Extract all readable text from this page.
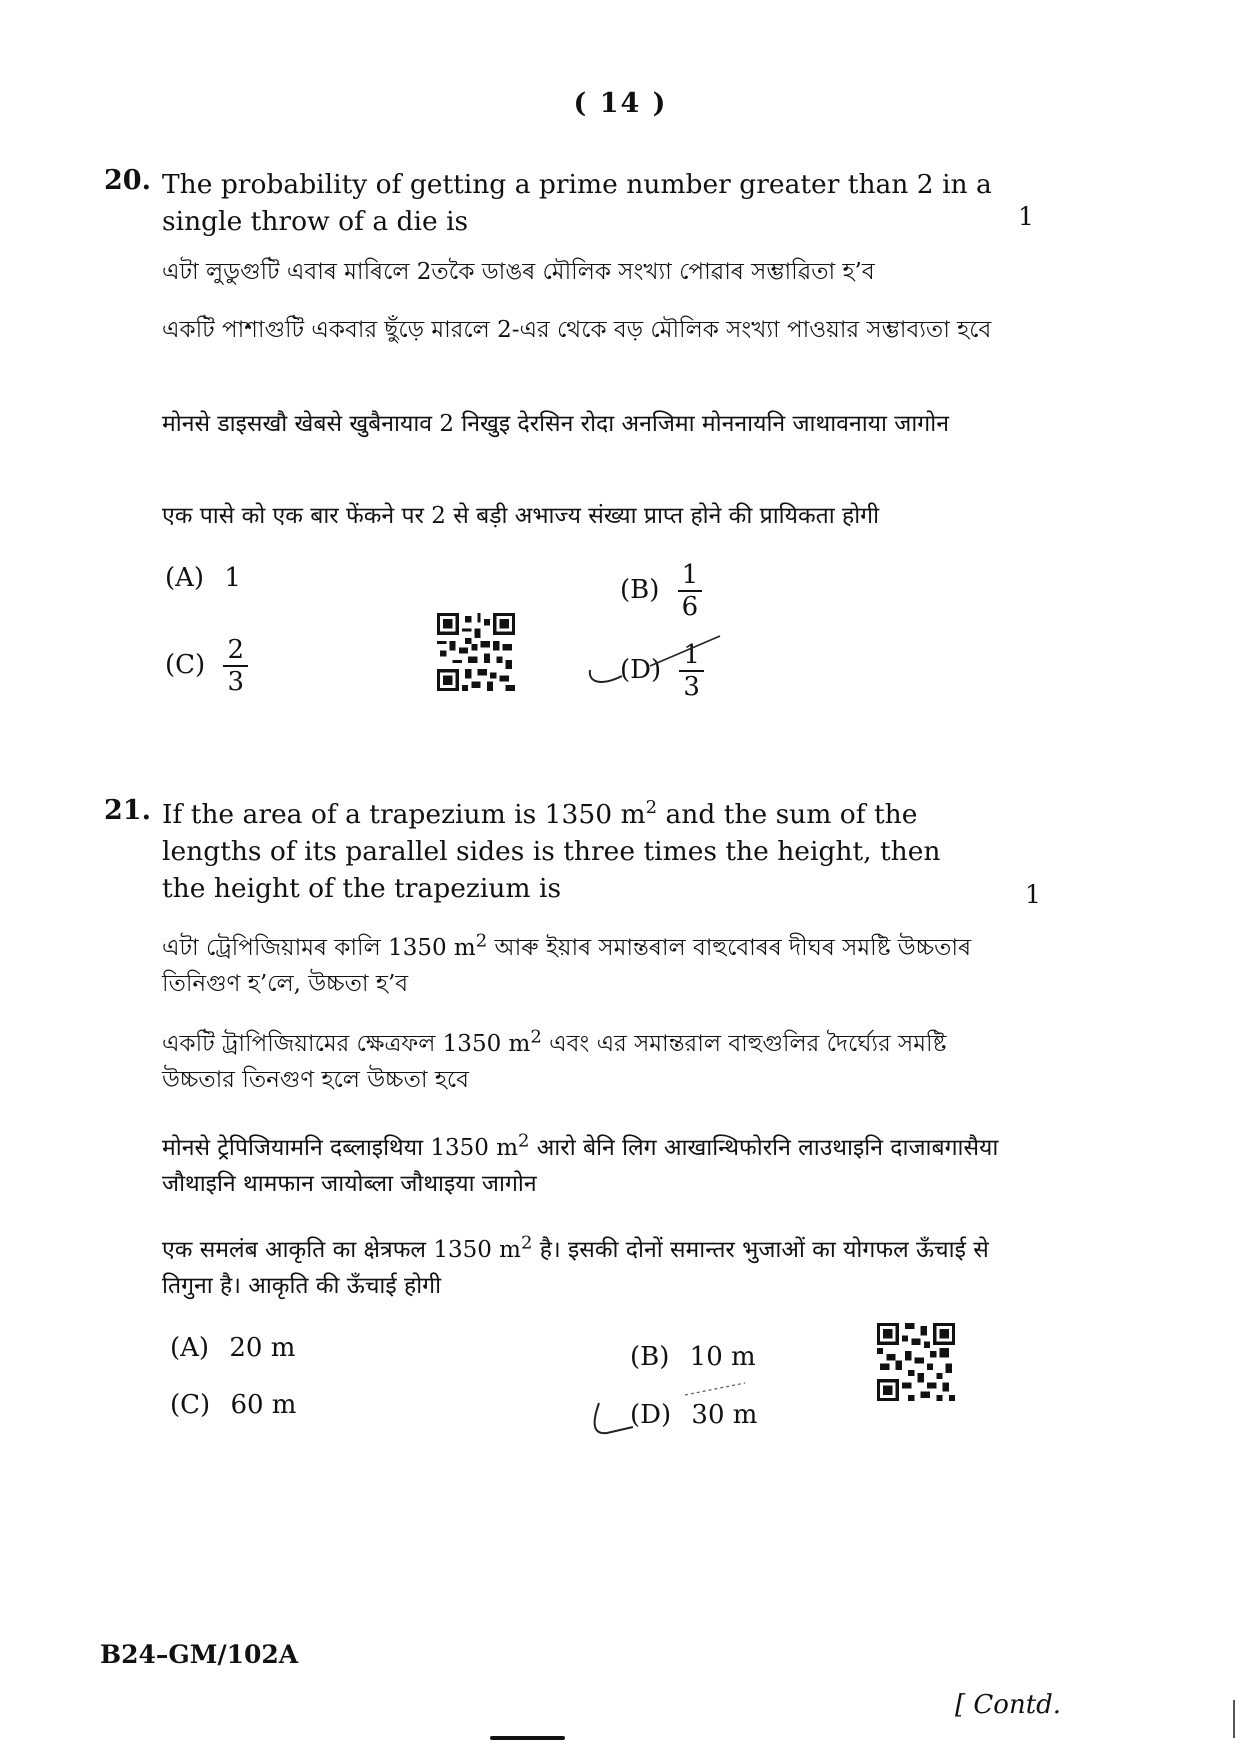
( 14 )
20. The probability of getting a prime number greater than 2 in a single throw of a die is	1
এটা লুডুগুটি এবাৰ মাৰিলে 2তকৈ ডাঙৰ মৌলিক সংখ্যা পোৱাৰ সম্ভাৱিতা হ’ব
একটি পাশাগুটি একবার ছুঁড়ে মারলে 2-এর থেকে বড় মৌলিক সংখ্যা পাওয়ার সম্ভাব্যতা হবে
मोनसे डाइसखौ खेबसे खुबैनायाव 2 निखुइ देरसिन रोदा अनजिमा मोननायनि जाथावनाया जागोन
एक पासे को एक बार फेंकने पर 2 से बड़ी अभाज्य संख्या प्राप्त होने की प्रायिकता होगी
(A) 1	$(B) \frac{1}{6}$
$(C) \frac{2}{3}$	$(D) \frac{1}{3}$
21. If the area of a trapezium is 1350 $m^2$ and the sum of the lengths of its parallel sides is three times the height, then the height of the trapezium is	1
এটা ট্ৰেপিজিয়ামৰ কালি 1350 $m^2$ আৰু ইয়াৰ সমান্তৰাল বাহুবোৰৰ দীঘৰ সমষ্টি উচ্চতাৰ তিনিগুণ হ’লে, উচ্চতা হ’ব
একটি ট্রাপিজিয়ামের ক্ষেত্রফল 1350 $m^2$ এবং এর সমান্তরাল বাহুগুলির দৈর্ঘ্যের সমষ্টি উচ্চতার তিনগুণ হলে উচ্চতা হবে
मोनसे ट्रेपिजियामनि दब्लाइथिया 1350 $m^2$ आरो बेनि लिग आखान्थिफोरनि लाउथाइनि दाजाबगासैया जौथाइनि थामफान जायोब्ला जौथाइया जागोन
एक समलंब आकृति का क्षेत्रफल 1350 $m^2$ है। इसकी दोनों समान्तर भुजाओं का योगफल ऊँचाई से तिगुना है। आकृति की ऊँचाई होगी
(A) 20 m	(B) 10 m
(C) 60 m	(D) 30 m
B24–GM/102A
[ Contd.
